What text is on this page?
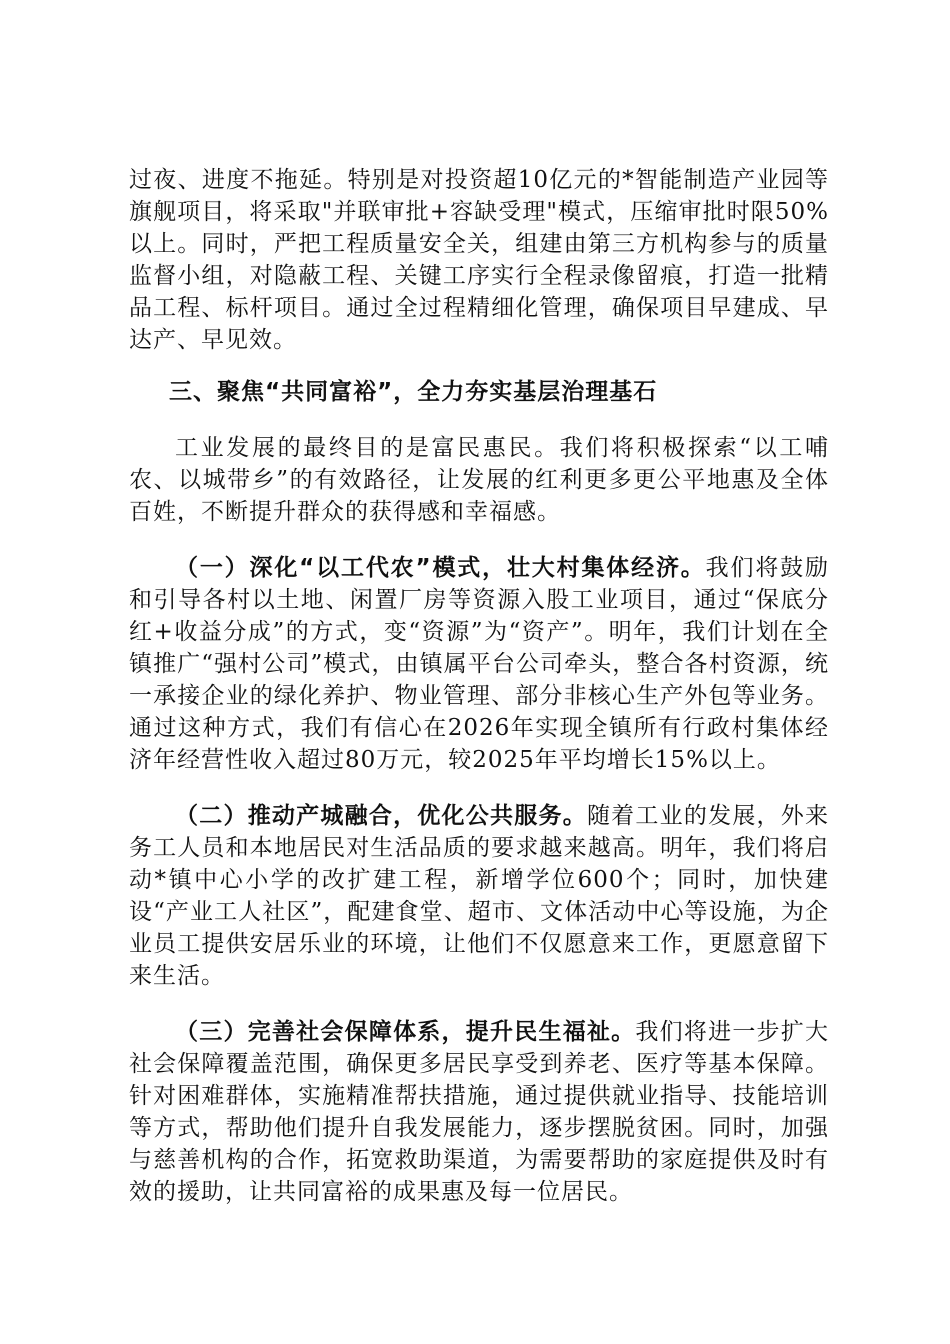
过夜、进度不拖延。特别是对投资超10亿元的*智能制造产业园等旗舰项目，将采取"并联审批+容缺受理"模式，压缩审批时限50%以上。同时，严把工程质量安全关，组建由第三方机构参与的质量监督小组，对隐蔽工程、关键工序实行全程录像留痕，打造一批精品工程、标杆项目。通过全过程精细化管理，确保项目早建成、早达产、早见效。

三、聚焦“共同富裕”，全力夯实基层治理基石

工业发展的最终目的是富民惠民。我们将积极探索“以工哺农、以城带乡”的有效路径，让发展的红利更多更公平地惠及全体百姓，不断提升群众的获得感和幸福感。

（一）深化“以工代农”模式，壮大村集体经济。我们将鼓励和引导各村以土地、闲置厂房等资源入股工业项目，通过“保底分红+收益分成”的方式，变“资源”为“资产”。明年，我们计划在全镇推广“强村公司”模式，由镇属平台公司牵头，整合各村资源，统一承接企业的绿化养护、物业管理、部分非核心生产外包等业务。通过这种方式，我们有信心在2026年实现全镇所有行政村集体经济年经营性收入超过80万元，较2025年平均增长15%以上。

（二）推动产城融合，优化公共服务。随着工业的发展，外来务工人员和本地居民对生活品质的要求越来越高。明年，我们将启动*镇中心小学的改扩建工程，新增学位600个；同时，加快建设“产业工人社区”，配建食堂、超市、文体活动中心等设施，为企业员工提供安居乐业的环境，让他们不仅愿意来工作，更愿意留下来生活。

（三）完善社会保障体系，提升民生福祉。我们将进一步扩大社会保障覆盖范围，确保更多居民享受到养老、医疗等基本保障。针对困难群体，实施精准帮扶措施，通过提供就业指导、技能培训等方式，帮助他们提升自我发展能力，逐步摆脱贫困。同时，加强与慈善机构的合作，拓宽救助渠道，为需要帮助的家庭提供及时有效的援助，让共同富裕的成果惠及每一位居民。
